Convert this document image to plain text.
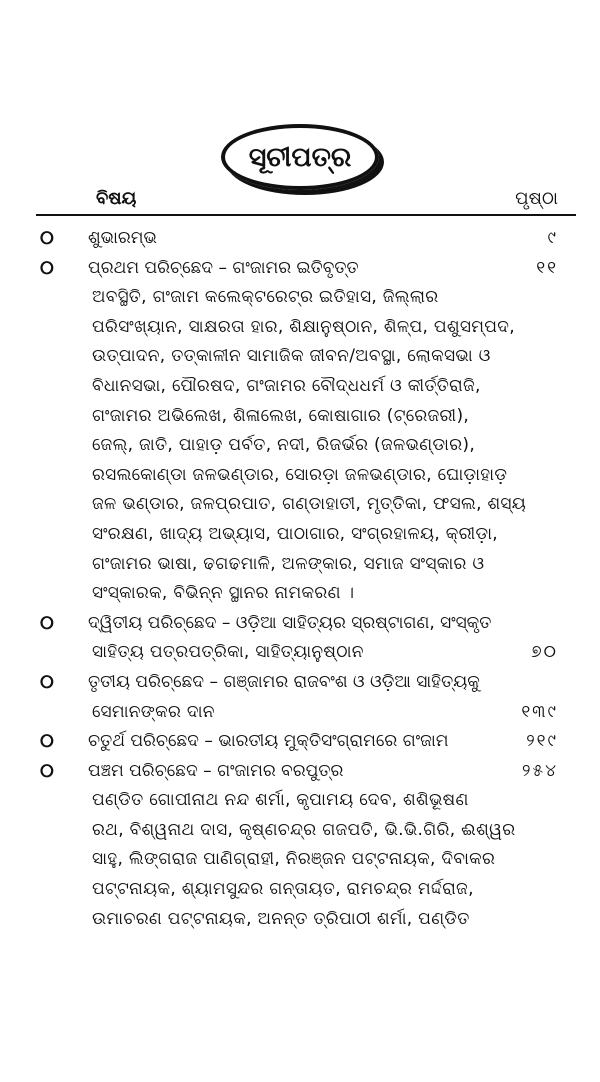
ସୂଚୀପତ୍ର
ବିଷୟ	ପୃଷ୍ଠା
୦ ଶୁଭାରମ୍ଭ	୯
୦ ପ୍ରଥମ ପରିଚ୍ଛେଦ – ଗଂଜାମର ଇତିବୃତ୍ତ	୧୧
ଅବସ୍ଥିତି, ଗଂଜାମ କଲେକ୍ଟରେଟ୍‌ର ଇତିହାସ, ଜିଲ୍ଲାର
ପରିସଂଖ୍ୟାନ, ସାକ୍ଷରତା ହାର, ଶିକ୍ଷାନୁଷ୍ଠାନ, ଶିଳ୍ପ, ପଶୁସମ୍ପଦ,
ଉତ୍ପାଦନ, ତତ୍କାଳୀନ ସାମାଜିକ ଜୀବନ/ଅବସ୍ଥା, ଲୋକସଭା ଓ
ବିଧାନସଭା, ପୌରଷଦ, ଗଂଜାମର ବୌଦ୍ଧଧର୍ମ ଓ କୀର୍ତ୍ତିରାଜି,
ଗଂଜାମର ଅଭିଲେଖ, ଶିଳାଲେଖ, କୋଷାଗାର (ଟ୍ରେଜରୀ),
ଜେଲ୍, ଜାତି, ପାହାଡ଼ ପର୍ବତ, ନଦୀ, ରିଜର୍ଭର (ଜଳଭଣ୍ଡାର),
ରସଲକୋଣ୍ଡା ଜଳଭଣ୍ଡାର, ସୋରଡ଼ା ଜଳଭଣ୍ଡାର, ଘୋଡ଼ାହାଡ଼
ଜଳ ଭଣ୍ଡାର, ଜଳପ୍ରପାତ, ଗଣ୍ଡାହାତୀ, ମୃତ୍ତିକା, ଫସଲ, ଶସ୍ୟ
ସଂରକ୍ଷଣ, ଖାଦ୍ୟ ଅଭ୍ୟାସ, ପାଠାଗାର, ସଂଗ୍ରହାଳୟ, କ୍ରୀଡ଼ା,
ଗଂଜାମର ଭାଷା, ଢଗଢମାଳି, ଅଳଙ୍କାର, ସମାଜ ସଂସ୍କାର ଓ
ସଂସ୍କାରକ, ବିଭିନ୍ନ ସ୍ଥାନର ନାମକରଣ ।
୦ ଦ୍ୱିତୀୟ ପରିଚ୍ଛେଦ – ଓଡ଼ିଆ ସାହିତ୍ୟର ସ୍ରଷ୍ଟାଗଣ, ସଂସ୍କୃତ
ସାହିତ୍ୟ ପତ୍ରପତ୍ରିକା, ସାହିତ୍ୟାନୁଷ୍ଠାନ	୭୦
୦ ତୃତୀୟ ପରିଚ୍ଛେଦ – ଗଞ୍ଜାମର ରାଜବଂଶ ଓ ଓଡ଼ିଆ ସାହିତ୍ୟକୁ
ସେମାନଙ୍କର ଦାନ	୧୩୯
୦ ଚତୁର୍ଥ ପରିଚ୍ଛେଦ – ଭାରତୀୟ ମୁକ୍ତିସଂଗ୍ରାମରେ ଗଂଜାମ	୨୧୯
୦ ପଞ୍ଚମ ପରିଚ୍ଛେଦ – ଗଂଜାମର ବରପୁତ୍ର	୨୫୪
ପଣ୍ଡିତ ଗୋପୀନାଥ ନନ୍ଦ ଶର୍ମା, କୃପାମୟ ଦେବ, ଶଶିଭୂଷଣ
ରଥ, ବିଶ୍ୱନାଥ ଦାସ, କୃଷ୍ଣଚନ୍ଦ୍ର ଗଜପତି, ଭି.ଭି.ଗିରି, ଈଶ୍ୱର
ସାହୁ, ଲିଙ୍ଗରାଜ ପାଣିଗ୍ରାହୀ, ନିରଞ୍ଜନ ପଟ୍ଟନାୟକ, ଦିବାକର
ପଟ୍ଟନାୟକ, ଶ୍ୟାମସୁନ୍ଦର ଗନ୍ତାୟତ, ରାମଚନ୍ଦ୍ର ମର୍ଦ୍ଦରାଜ,
ଉମାଚରଣ ପଟ୍ଟନାୟକ, ଅନନ୍ତ ତ୍ରିପାଠୀ ଶର୍ମା, ପଣ୍ଡିତ
